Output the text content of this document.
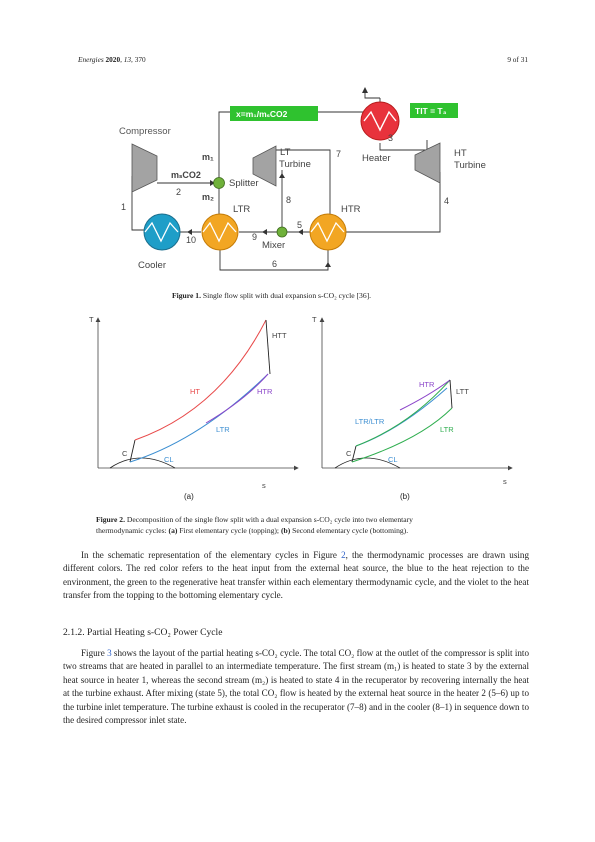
Energies 2020, 13, 370	9 of 31
Compressor
x=m₁/mₛCO2	TIT = T₃
m₁
m₂
mₛCO2
Splitter
LT
Turbine
HT
Turbine
Heater
LTR	HTR
Mixer
Cooler
1
2
3
4
5
6
7
8
9
10
Figure 1. Single flow split with dual expansion s-CO₂ cycle [36].
T
s
HTT
HT	HTR
LTR
C
CL
T
s
HTR
LTT
LTR/LTR
LTR
C
CL
(a)	(b)
Figure 2. Decomposition of the single flow split with a dual expansion s-CO₂ cycle into two elementary
thermodynamic cycles: (a) First elementary cycle (topping); (b) Second elementary cycle (bottoming).
In the schematic representation of the elementary cycles in Figure 2, the thermodynamic processes are drawn using different colors. The red color refers to the heat input from the external heat source, the blue to the heat rejection to the environment, the green to the regenerative heat transfer within each elementary thermodynamic cycle, and the violet to the heat transfer from the topping to the bottoming elementary cycle.
2.1.2. Partial Heating s-CO₂ Power Cycle
Figure 3 shows the layout of the partial heating s-CO₂ cycle. The total CO₂ flow at the outlet of the compressor is split into two streams that are heated in parallel to an intermediate temperature. The first stream (m₁) is heated to state 3 by the external heat source in heater 1, whereas the second stream (m₂) is heated to state 4 in the recuperator by recovering internally the heat at the turbine exhaust. After mixing (state 5), the total CO₂ flow is heated by the external heat source in the heater 2 (5–6) up to the turbine inlet temperature. The turbine exhaust is cooled in the recuperator (7–8) and in the cooler (8–1) in sequence down to the desired compressor inlet state.
